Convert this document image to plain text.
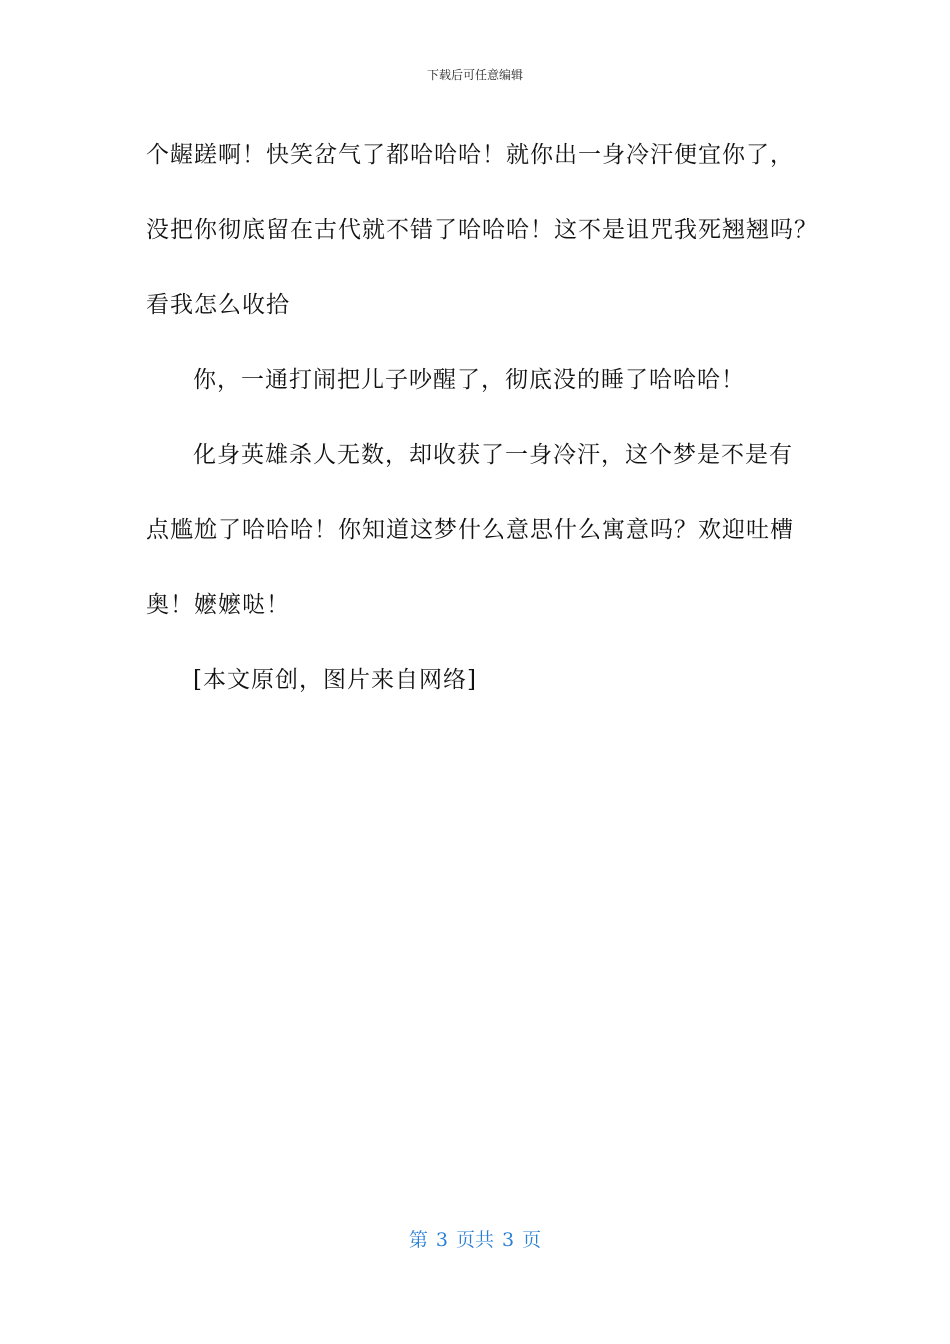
下载后可任意编辑
个龌蹉啊！快笑岔气了都哈哈哈！就你出一身冷汗便宜你了，
没把你彻底留在古代就不错了哈哈哈！这不是诅咒我死翘翘吗？
看我怎么收拾
你，一通打闹把儿子吵醒了，彻底没的睡了哈哈哈！
化身英雄杀人无数，却收获了一身冷汗，这个梦是不是有
点尴尬了哈哈哈！你知道这梦什么意思什么寓意吗？欢迎吐槽
奥！嬷嬷哒！
[本文原创，图片来自网络]
第 3 页共 3 页
